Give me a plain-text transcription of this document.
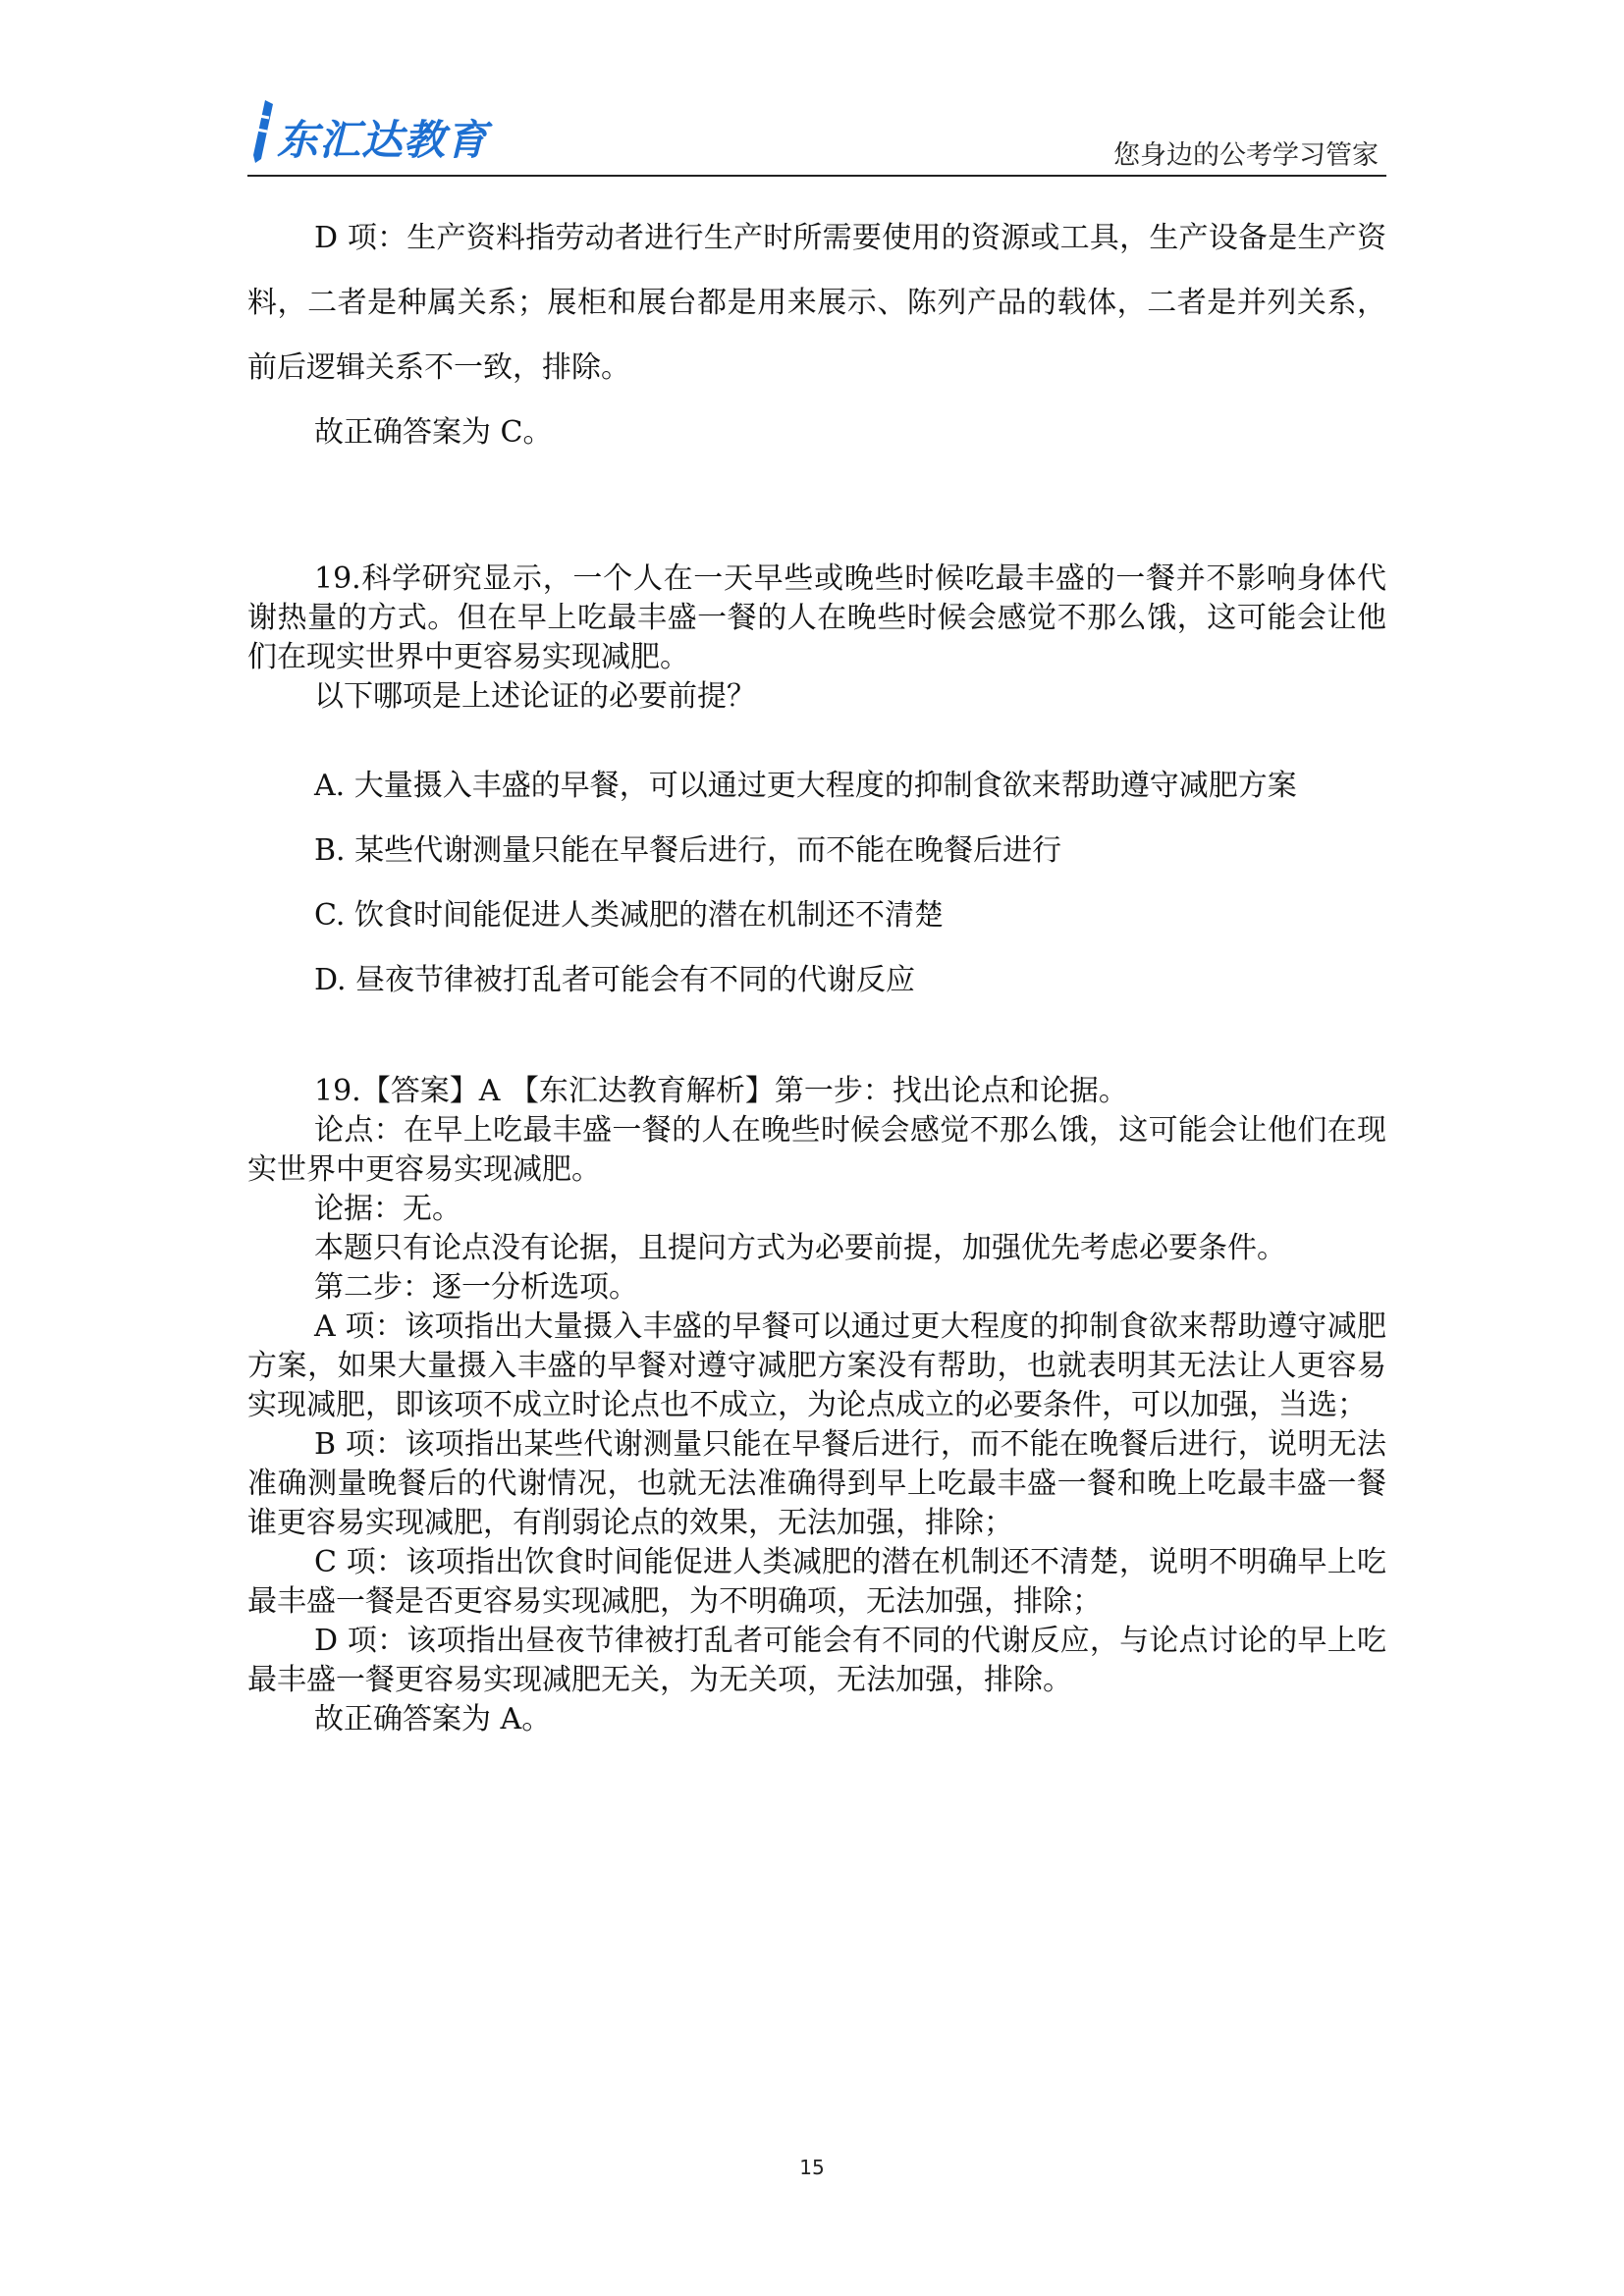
东汇达教育	您身边的公考学习管家

D 项：生产资料指劳动者进行生产时所需要使用的资源或工具，生产设备是生产资料，二者是种属关系；展柜和展台都是用来展示、陈列产品的载体，二者是并列关系，前后逻辑关系不一致，排除。

故正确答案为 C。

19.科学研究显示，一个人在一天早些或晚些时候吃最丰盛的一餐并不影响身体代谢热量的方式。但在早上吃最丰盛一餐的人在晚些时候会感觉不那么饿，这可能会让他们在现实世界中更容易实现减肥。

以下哪项是上述论证的必要前提？

A. 大量摄入丰盛的早餐，可以通过更大程度的抑制食欲来帮助遵守减肥方案
B. 某些代谢测量只能在早餐后进行，而不能在晚餐后进行
C. 饮食时间能促进人类减肥的潜在机制还不清楚
D. 昼夜节律被打乱者可能会有不同的代谢反应

19.【答案】A 【东汇达教育解析】第一步：找出论点和论据。

论点：在早上吃最丰盛一餐的人在晚些时候会感觉不那么饿，这可能会让他们在现实世界中更容易实现减肥。

论据：无。

本题只有论点没有论据，且提问方式为必要前提，加强优先考虑必要条件。

第二步：逐一分析选项。

A 项：该项指出大量摄入丰盛的早餐可以通过更大程度的抑制食欲来帮助遵守减肥方案，如果大量摄入丰盛的早餐对遵守减肥方案没有帮助，也就表明其无法让人更容易实现减肥，即该项不成立时论点也不成立，为论点成立的必要条件，可以加强，当选；

B 项：该项指出某些代谢测量只能在早餐后进行，而不能在晚餐后进行，说明无法准确测量晚餐后的代谢情况，也就无法准确得到早上吃最丰盛一餐和晚上吃最丰盛一餐谁更容易实现减肥，有削弱论点的效果，无法加强，排除；

C 项：该项指出饮食时间能促进人类减肥的潜在机制还不清楚，说明不明确早上吃最丰盛一餐是否更容易实现减肥，为不明确项，无法加强，排除；

D 项：该项指出昼夜节律被打乱者可能会有不同的代谢反应，与论点讨论的早上吃最丰盛一餐更容易实现减肥无关，为无关项，无法加强，排除。

故正确答案为 A。

15
